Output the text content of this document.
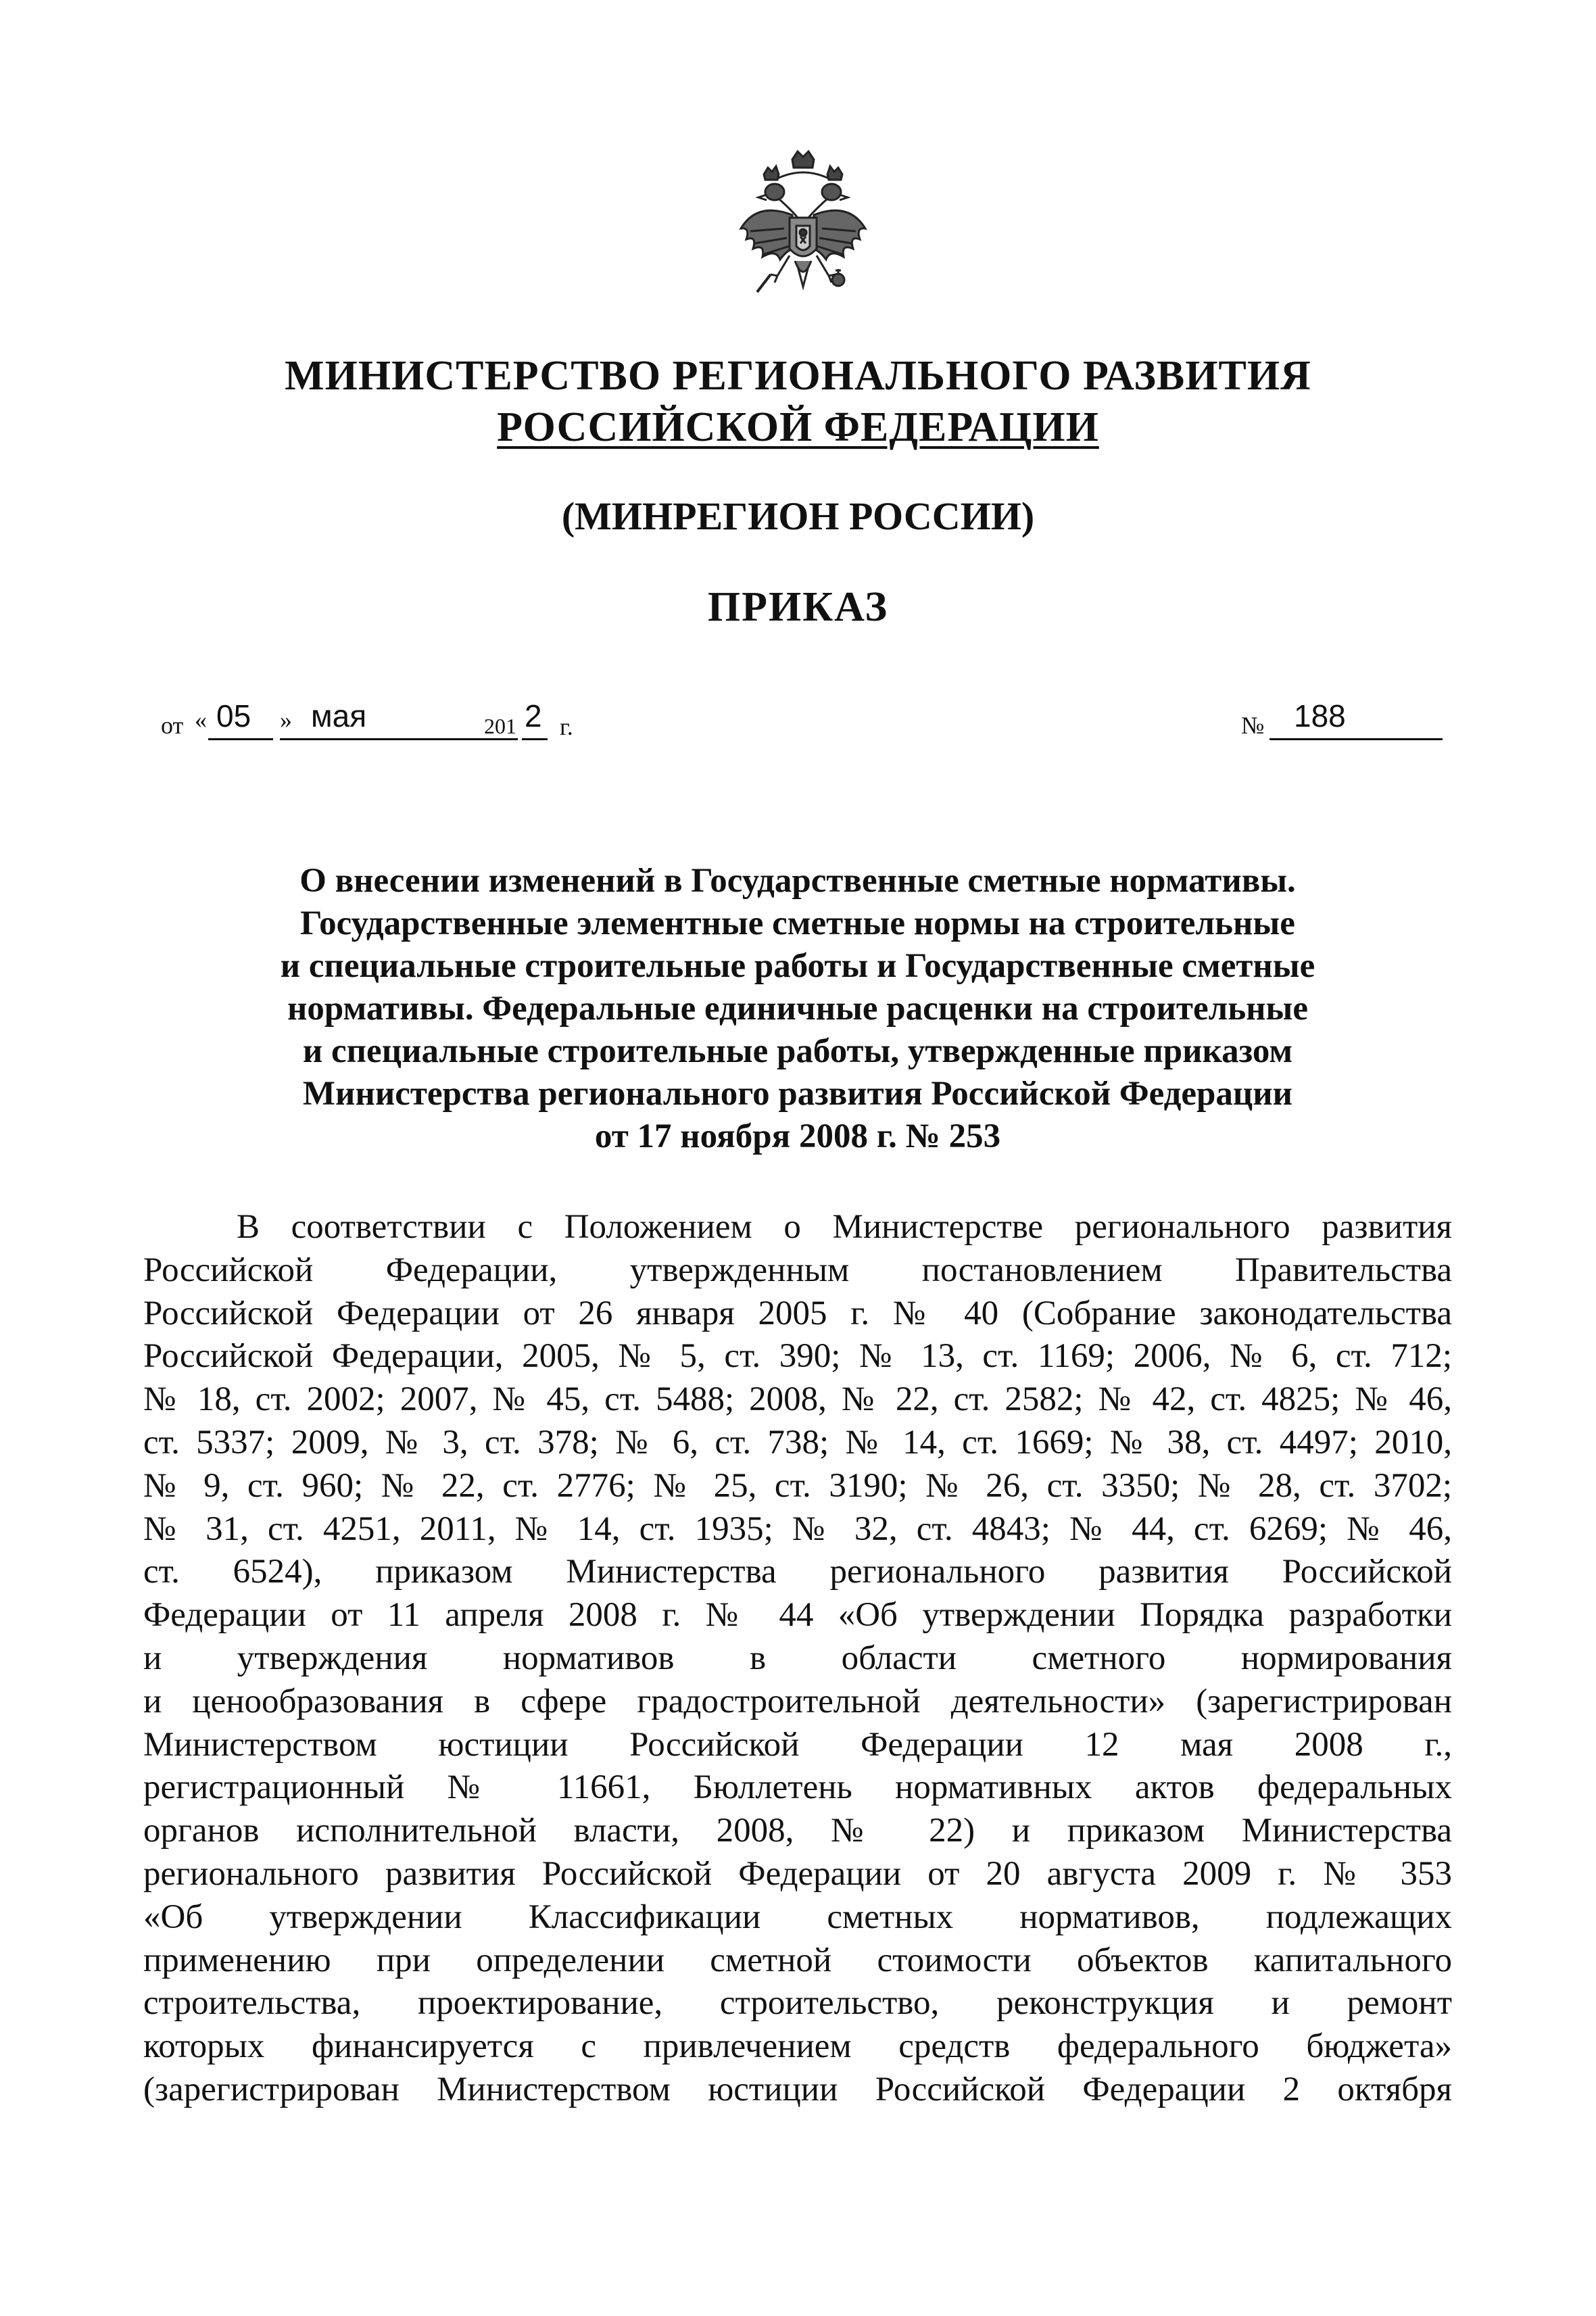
МИНИСТЕРСТВО РЕГИОНАЛЬНОГО РАЗВИТИЯ
РОССИЙСКОЙ ФЕДЕРАЦИИ
(МИНРЕГИОН РОССИИ)
ПРИКАЗ
от « 05 » мая	201 2 г.	№ 188
О внесении изменений в Государственные сметные нормативы.
Государственные элементные сметные нормы на строительные
и специальные строительные работы и Государственные сметные
нормативы. Федеральные единичные расценки на строительные
и специальные строительные работы, утвержденные приказом
Министерства регионального развития Российской Федерации
от 17 ноября 2008 г. № 253
В соответствии с Положением о Министерстве регионального развития
Российской Федерации, утвержденным постановлением Правительства
Российской Федерации от 26 января 2005 г. № 40 (Собрание законодательства
Российской Федерации, 2005, № 5, ст. 390; № 13, ст. 1169; 2006, № 6, ст. 712;
№ 18, ст. 2002; 2007, № 45, ст. 5488; 2008, № 22, ст. 2582; № 42, ст. 4825; № 46,
ст. 5337; 2009, № 3, ст. 378; № 6, ст. 738; № 14, ст. 1669; № 38, ст. 4497; 2010,
№ 9, ст. 960; № 22, ст. 2776; № 25, ст. 3190; № 26, ст. 3350; № 28, ст. 3702;
№ 31, ст. 4251, 2011, № 14, ст. 1935; № 32, ст. 4843; № 44, ст. 6269; № 46,
ст. 6524), приказом Министерства регионального развития Российской
Федерации от 11 апреля 2008 г. № 44 «Об утверждении Порядка разработки
и утверждения нормативов в области сметного нормирования
и ценообразования в сфере градостроительной деятельности» (зарегистрирован
Министерством юстиции Российской Федерации 12 мая 2008 г.,
регистрационный № 11661, Бюллетень нормативных актов федеральных
органов исполнительной власти, 2008, № 22) и приказом Министерства
регионального развития Российской Федерации от 20 августа 2009 г. № 353
«Об утверждении Классификации сметных нормативов, подлежащих
применению при определении сметной стоимости объектов капитального
строительства, проектирование, строительство, реконструкция и ремонт
которых финансируется с привлечением средств федерального бюджета»
(зарегистрирован Министерством юстиции Российской Федерации 2 октября
